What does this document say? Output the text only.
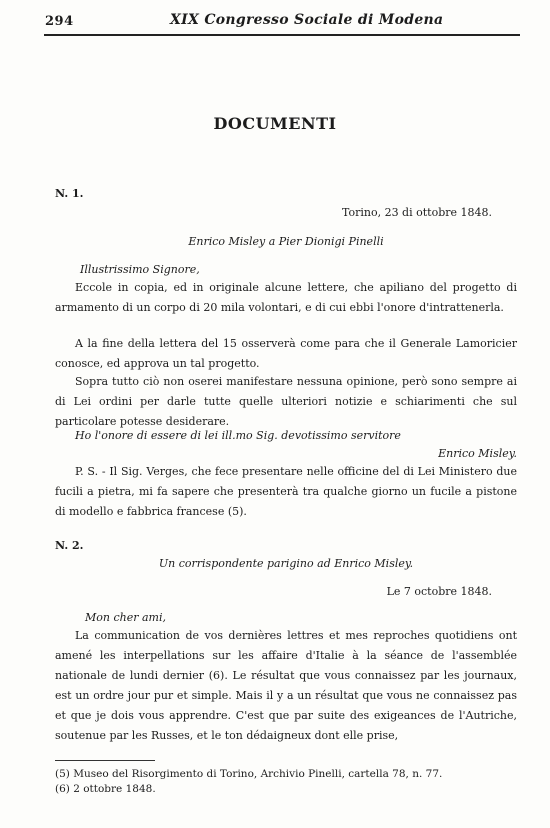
294	XIX Congresso Sociale di Modena
DOCUMENTI
N. 1.
Torino, 23 di ottobre 1848.
Enrico Misley a Pier Dionigi Pinelli
Illustrissimo Signore,
Eccole in copia, ed in originale alcune lettere, che apiliano del progetto di armamento di un corpo di 20 mila volontari, e di cui ebbi l'onore d'intrattenerla.
A la fine della lettera del 15 osserverà come para che il Generale Lamoricier conosce, ed approva un tal progetto.
Sopra tutto ciò non oserei manifestare nessuna opinione, però sono sempre ai di Lei ordini per darle tutte quelle ulteriori notizie e schiarimenti che sul particolare potesse desiderare.
Ho l'onore di essere di lei ill.mo Sig. devotissimo servitore
Enrico Misley.
P. S. - Il Sig. Verges, che fece presentare nelle officine del di Lei Ministero due fucili a pietra, mi fa sapere che presenterà tra qualche giorno un fucile a pistone di modello e fabbrica francese (5).
N. 2.
Un corrispondente parigino ad Enrico Misley.
Le 7 octobre 1848.
Mon cher ami,
La communication de vos dernières lettres et mes reproches quotidiens ont amené les interpellations sur les affaire d'Italie à la séance de l'assemblée nationale de lundi dernier (6). Le résultat que vous connaissez par les journaux, est un ordre jour pur et simple. Mais il y a un résultat que vous ne connaissez pas et que je dois vous apprendre. C'est que par suite des exigeances de l'Autriche, soutenue par les Russes, et le ton dédaigneux dont elle prise,
(5) Museo del Risorgimento di Torino, Archivio Pinelli, cartella 78, n. 77.
(6) 2 ottobre 1848.
